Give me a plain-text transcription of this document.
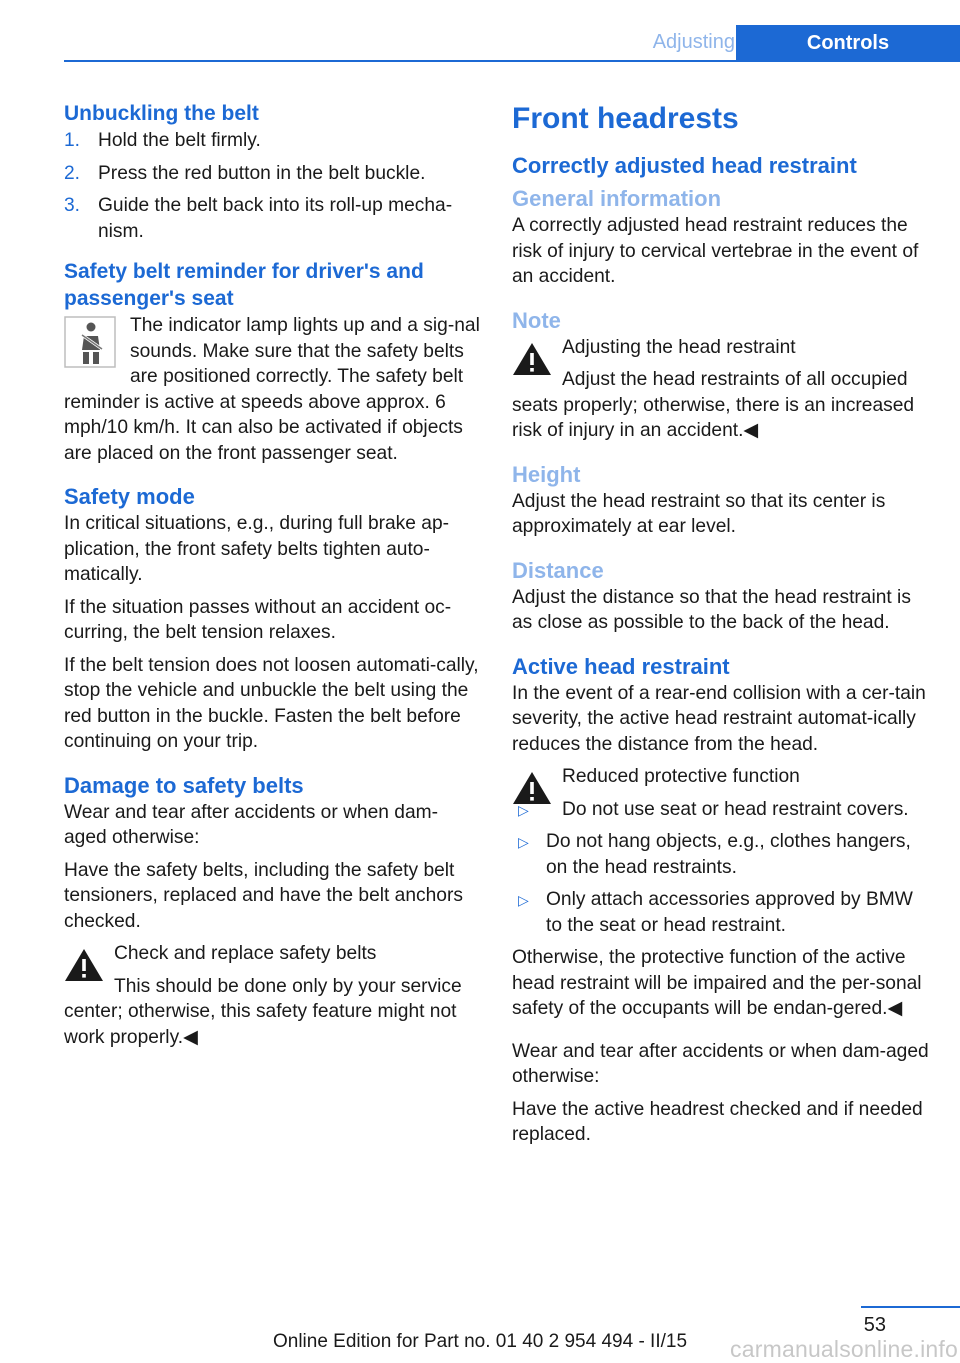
Adjusting	Controls
Unbuckling the belt
1. Hold the belt firmly.
2. Press the red button in the belt buckle.
3. Guide the belt back into its roll-up mecha‐nism.
Safety belt reminder for driver's and passenger's seat

The indicator lamp lights up and a sig‐nal sounds. Make sure that the safety belts are positioned correctly. The safety belt reminder is active at speeds above approx. 6 mph/10 km/h. It can also be activated if objects are placed on the front passenger seat.

Safety mode

In critical situations, e.g., during full brake ap‐plication, the front safety belts tighten auto‐matically.

If the situation passes without an accident oc‐curring, the belt tension relaxes.

If the belt tension does not loosen automati‐cally, stop the vehicle and unbuckle the belt using the red button in the buckle. Fasten the belt before continuing on your trip.

Damage to safety belts

Wear and tear after accidents or when dam‐aged otherwise:

Have the safety belts, including the safety belt tensioners, replaced and have the belt anchors checked.

Check and replace safety belts

This should be done only by your service center; otherwise, this safety feature might not work properly.◀

Front headrests
Correctly adjusted head restraint
General information

A correctly adjusted head restraint reduces the risk of injury to cervical vertebrae in the event of an accident.

Note

Adjusting the head restraint

Adjust the head restraints of all occupied seats properly; otherwise, there is an increased risk of injury in an accident.◀

Height

Adjust the head restraint so that its center is approximately at ear level.

Distance

Adjust the distance so that the head restraint is as close as possible to the back of the head.

Active head restraint

In the event of a rear-end collision with a cer‐tain severity, the active head restraint automat‐ically reduces the distance from the head.

Reduced protective function

▷ Do not use seat or head restraint covers.
▷ Do not hang objects, e.g., clothes hangers, on the head restraints.
▷ Only attach accessories approved by BMW to the seat or head restraint.

Otherwise, the protective function of the active head restraint will be impaired and the per‐sonal safety of the occupants will be endan‐gered.◀

Wear and tear after accidents or when dam‐aged otherwise:

Have the active headrest checked and if needed replaced.

53
Online Edition for Part no. 01 40 2 954 494 - II/15	carmanualsonline.info
